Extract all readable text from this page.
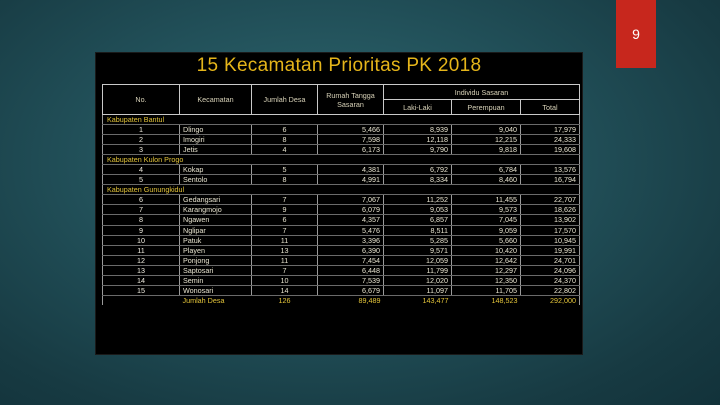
9
15 Kecamatan Prioritas PK 2018
No.	Kecamatan	Jumlah Desa	Rumah Tangga Sasaran	Individu Sasaran		
				Laki-Laki	Perempuan	Total
Kabupaten Bantul						
1	Dlingo	6	5,466	8,939	9,040	17,979
2	Imogiri	8	7,598	12,118	12,215	24,333
3	Jetis	4	6,173	9,790	9,818	19,608
Kabupaten Kulon Progo						
4	Kokap	5	4,381	6,792	6,784	13,576
5	Sentolo	8	4,991	8,334	8,460	16,794
Kabupaten Gunungkidul						
6	Gedangsari	7	7,067	11,252	11,455	22,707
7	Karangmojo	9	6,079	9,053	9,573	18,626
8	Ngawen	6	4,357	6,857	7,045	13,902
9	Nglipar	7	5,476	8,511	9,059	17,570
10	Patuk	11	3,396	5,285	5,660	10,945
11	Playen	13	6,390	9,571	10,420	19,991
12	Ponjong	11	7,454	12,059	12,642	24,701
13	Saptosari	7	6,448	11,799	12,297	24,096
14	Semin	10	7,539	12,020	12,350	24,370
15	Wonosari	14	6,679	11,097	11,705	22,802
	Jumlah Desa	126	89,489	143,477	148,523	292,000
